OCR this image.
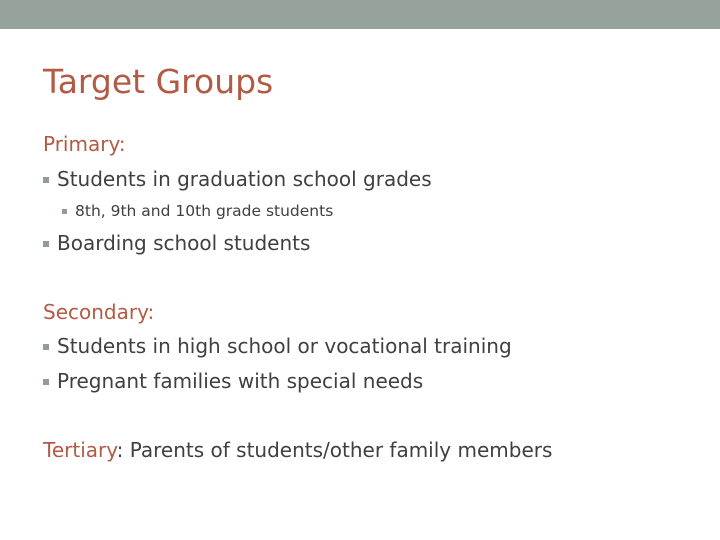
Target Groups
Primary:
Students in graduation school grades
8th, 9th and 10th grade students
Boarding school students
Secondary:
Students in high school or vocational training
Pregnant families with special needs
Tertiary: Parents of students/other family members
